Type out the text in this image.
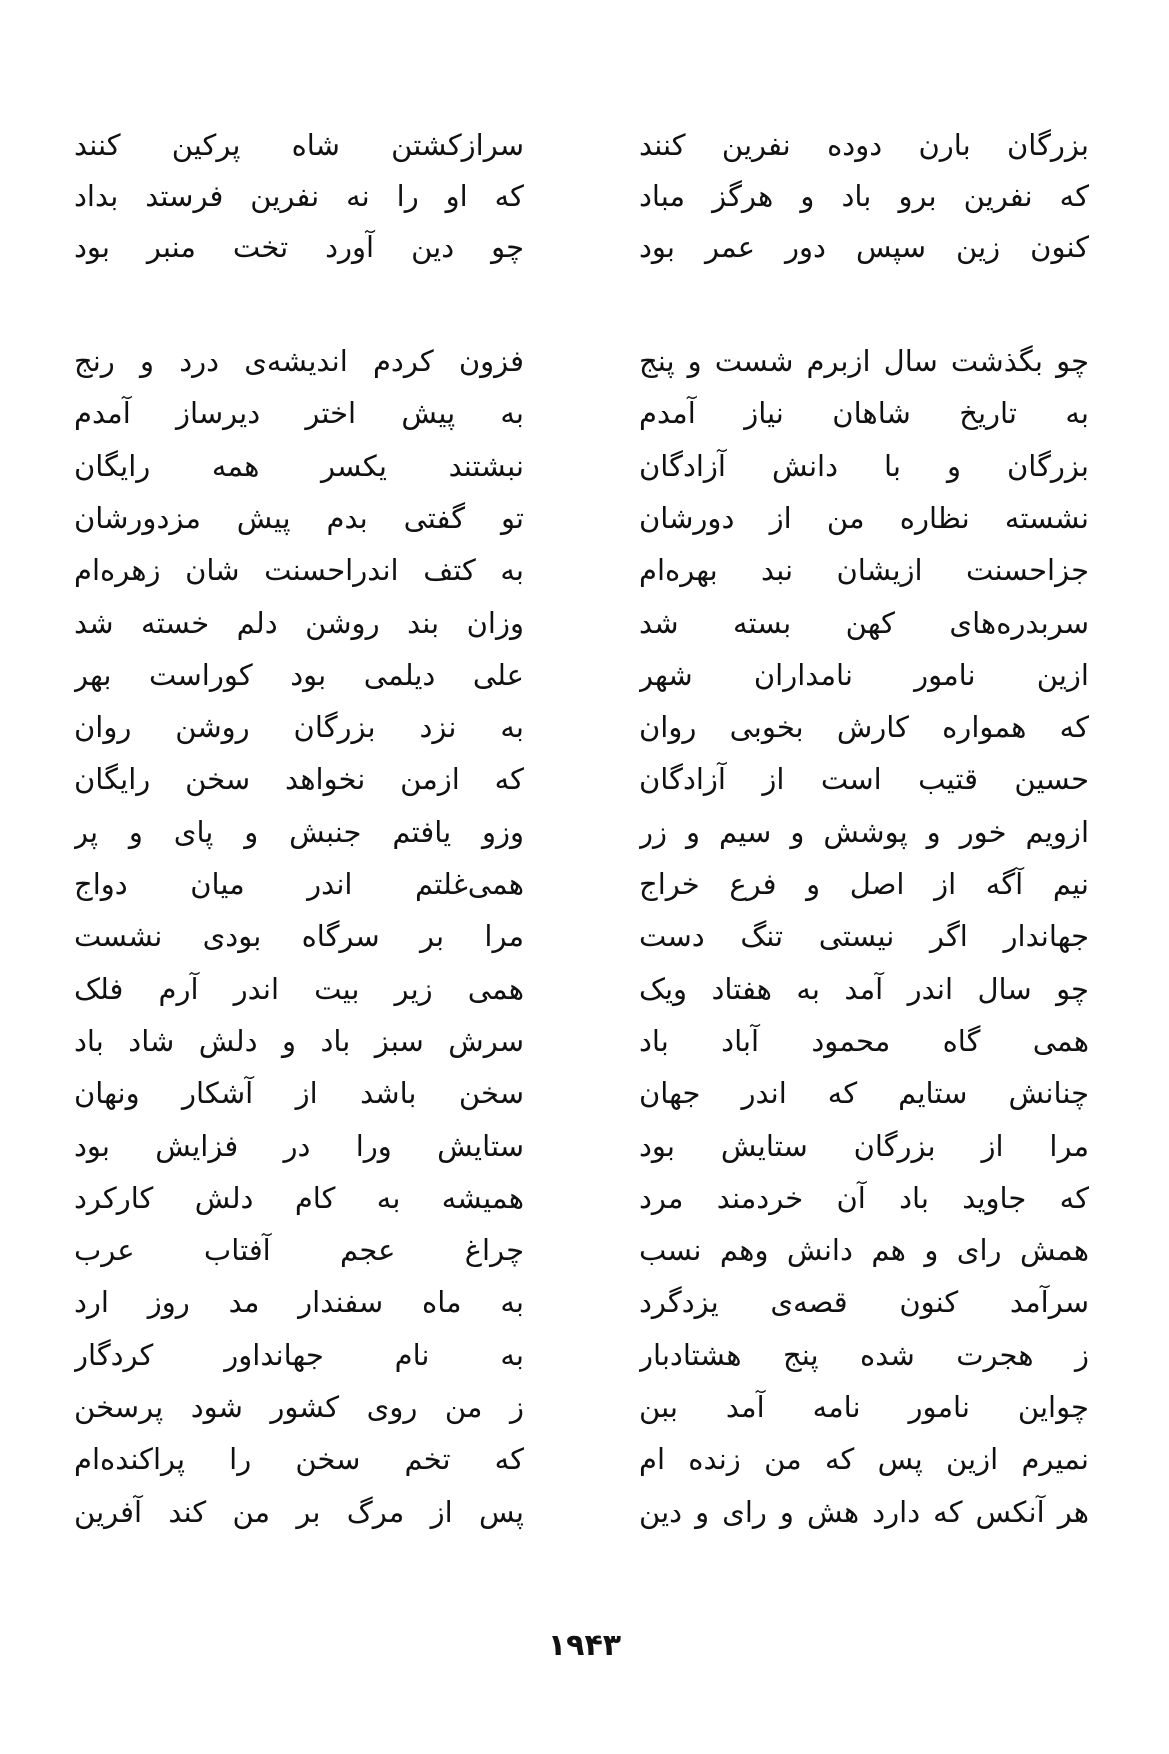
بزرگان بارن دوده نفرین کنند
سرازکشتن شاه پرکین کنند
که نفرین برو باد و هرگز مباد
که او را نه نفرین فرستد بداد
کنون زین سپس دور عمر بود
چو دین آورد تخت منبر بود
چو بگذشت سال ازبرم شست و پنج
فزون کردم اندیشه‌ی درد و رنج
به تاریخ شاهان نیاز آمدم
به پیش اختر دیرساز آمدم
بزرگان و با دانش آزادگان
نبشتند یکسر همه رایگان
نشسته نظاره من از دورشان
تو گفتی بدم پیش مزدورشان
جزاحسنت ازیشان نبد بهره‌ام
به کتف اندراحسنت شان زهره‌ام
سربدره‌های کهن بسته شد
وزان بند روشن دلم خسته شد
ازین نامور نامداران شهر
علی دیلمی بود کوراست بهر
که همواره کارش بخوبی روان
به نزد بزرگان روشن روان
حسین قتیب است از آزادگان
که ازمن نخواهد سخن رایگان
ازویم خور و پوشش و سیم و زر
وزو یافتم جنبش و پای و پر
نیم آگه از اصل و فرع خراج
همی‌غلتم اندر میان دواج
جهاندار اگر نیستی تنگ دست
مرا بر سرگاه بودی نشست
چو سال اندر آمد به هفتاد ویک
همی زیر بیت اندر آرم فلک
همی گاه محمود آباد باد
سرش سبز باد و دلش شاد باد
چنانش ستایم که اندر جهان
سخن باشد از آشکار ونهان
مرا از بزرگان ستایش بود
ستایش ورا در فزایش بود
که جاوید باد آن خردمند مرد
همیشه به کام دلش کارکرد
همش رای و هم دانش وهم نسب
چراغ عجم آفتاب عرب
سرآمد کنون قصه‌ی یزدگرد
به ماه سفندار مد روز ارد
ز هجرت شده پنج هشتادبار
به نام جهانداور کردگار
چواین نامور نامه آمد ببن
ز من روی کشور شود پرسخن
نمیرم ازین پس که من زنده ام
که تخم سخن را پراکنده‌ام
هر آنکس که دارد هش و رای و دین
پس از مرگ بر من کند آفرین
۱۹۴۳
